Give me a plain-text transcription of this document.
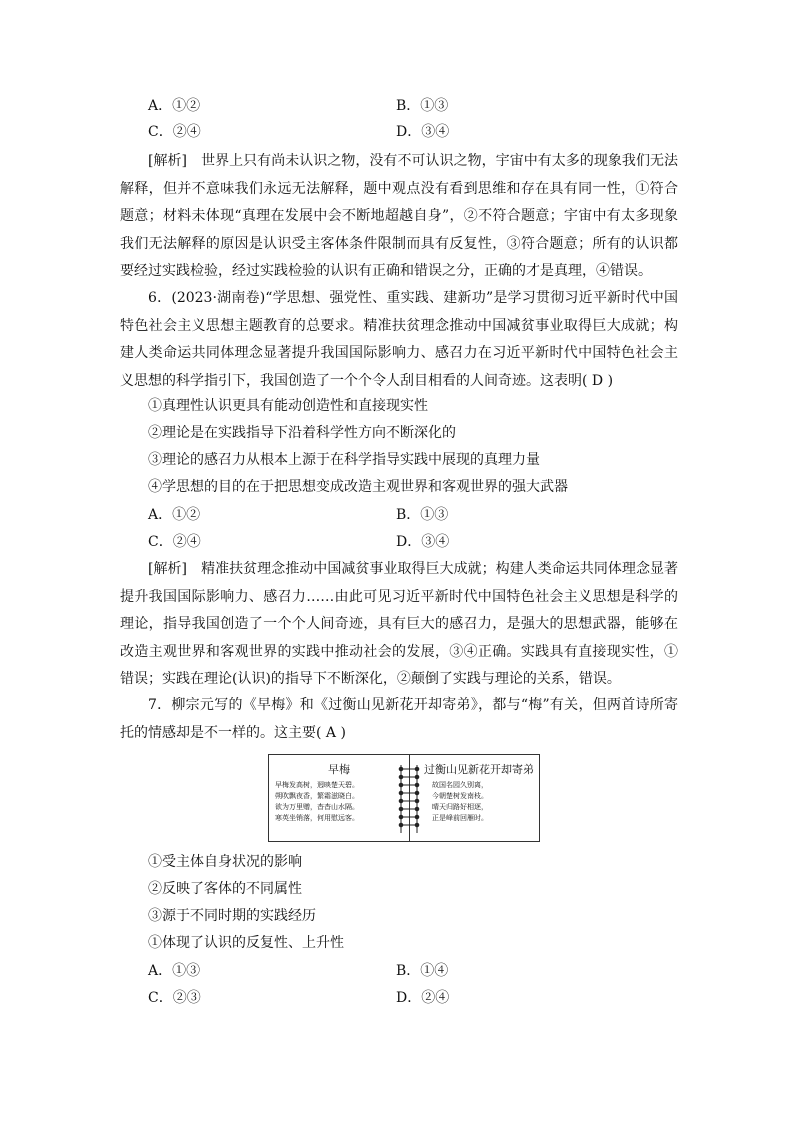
A．①②	B．①③
C．②④	D．③④
[解析]　世界上只有尚未认识之物，没有不可认识之物，宇宙中有太多的现象我们无法解释，但并不意味我们永远无法解释，题中观点没有看到思维和存在具有同一性，①符合题意；材料未体现“真理在发展中会不断地超越自身”，②不符合题意；宇宙中有太多现象我们无法解释的原因是认识受主客体条件限制而具有反复性，③符合题意；所有的认识都要经过实践检验，经过实践检验的认识有正确和错误之分，正确的才是真理，④错误。
6．(2023·湖南卷)“学思想、强党性、重实践、建新功”是学习贯彻习近平新时代中国特色社会主义思想主题教育的总要求。精准扶贫理念推动中国减贫事业取得巨大成就；构建人类命运共同体理念显著提升我国国际影响力、感召力在习近平新时代中国特色社会主义思想的科学指引下，我国创造了一个个令人刮目相看的人间奇迹。这表明( D )
①真理性认识更具有能动创造性和直接现实性
②理论是在实践指导下沿着科学性方向不断深化的
③理论的感召力从根本上源于在科学指导实践中展现的真理力量
④学思想的目的在于把思想变成改造主观世界和客观世界的强大武器
A．①②	B．①③
C．②④	D．③④
[解析]　精准扶贫理念推动中国减贫事业取得巨大成就；构建人类命运共同体理念显著提升我国国际影响力、感召力……由此可见习近平新时代中国特色社会主义思想是科学的理论，指导我国创造了一个个人间奇迹，具有巨大的感召力，是强大的思想武器，能够在改造主观世界和客观世界的实践中推动社会的发展，③④正确。实践具有直接现实性，①错误；实践在理论(认识)的指导下不断深化，②颠倒了实践与理论的关系，错误。
7．柳宗元写的《早梅》和《过衡山见新花开却寄弟》，都与“梅”有关，但两首诗所寄托的情感却是不一样的。这主要( A )
早梅
早梅发高树，迥映楚天碧。
朔吹飘夜香，繁霜滋晓白。
欲为万里赠，杳杳山水隔。
寒英坐销落，何用慰远客。
过衡山见新花开却寄弟
故国名园久别离，
今朝楚树发南枝。
晴天归路好相逐，
正是峰前回雁时。
①受主体自身状况的影响
②反映了客体的不同属性
③源于不同时期的实践经历
①体现了认识的反复性、上升性
A．①③	B．①④
C．②③	D．②④
